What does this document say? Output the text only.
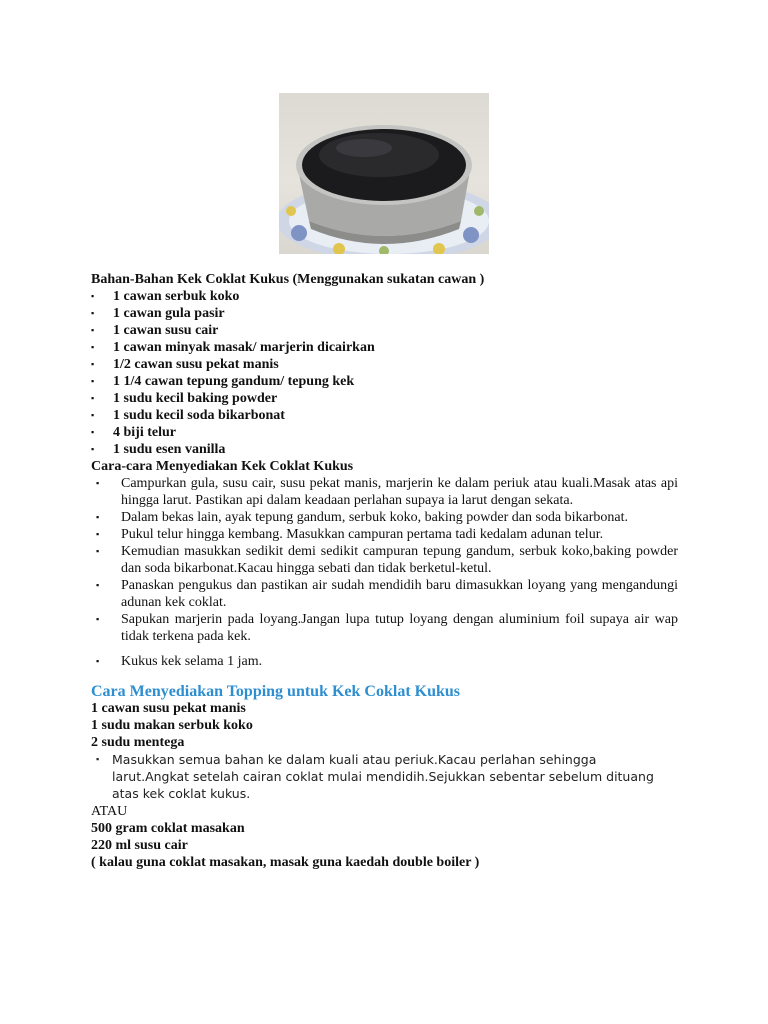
Bahan-Bahan Kek Coklat Kukus (Menggunakan sukatan cawan )

▪ 1 cawan serbuk koko
▪ 1 cawan gula pasir
▪ 1 cawan susu cair
▪ 1 cawan minyak masak/ marjerin dicairkan
▪ 1/2 cawan susu pekat manis
▪ 1 1/4 cawan tepung gandum/ tepung kek
▪ 1 sudu kecil baking powder
▪ 1 sudu kecil soda bikarbonat
▪ 4 biji telur
▪ 1 sudu esen vanilla

Cara-cara Menyediakan Kek Coklat Kukus

▪ Campurkan gula, susu cair, susu pekat manis, marjerin ke dalam periuk atau kuali.Masak atas api hingga larut. Pastikan api dalam keadaan perlahan supaya ia larut dengan sekata.
▪ Dalam bekas lain, ayak tepung gandum, serbuk koko, baking powder dan soda bikarbonat.
▪ Pukul telur hingga kembang. Masukkan campuran pertama tadi kedalam adunan telur.
▪ Kemudian masukkan sedikit demi sedikit campuran tepung gandum, serbuk koko,baking powder dan soda bikarbonat.Kacau hingga sebati dan tidak berketul-ketul.
▪ Panaskan pengukus dan pastikan air sudah mendidih baru dimasukkan loyang yang mengandungi adunan kek coklat.
▪ Sapukan marjerin pada loyang.Jangan lupa tutup loyang dengan aluminium foil supaya air wap tidak terkena pada kek.
▪ Kukus kek selama 1 jam.

Cara Menyediakan Topping untuk Kek Coklat Kukus

1 cawan susu pekat manis
1 sudu makan serbuk koko
2 sudu mentega
▪ Masukkan semua bahan ke dalam kuali atau periuk.Kacau perlahan sehingga larut.Angkat setelah cairan coklat mulai mendidih.Sejukkan sebentar sebelum dituang atas kek coklat kukus.

ATAU

500 gram coklat masakan
220 ml susu cair
( kalau guna coklat masakan, masak guna kaedah double boiler )
